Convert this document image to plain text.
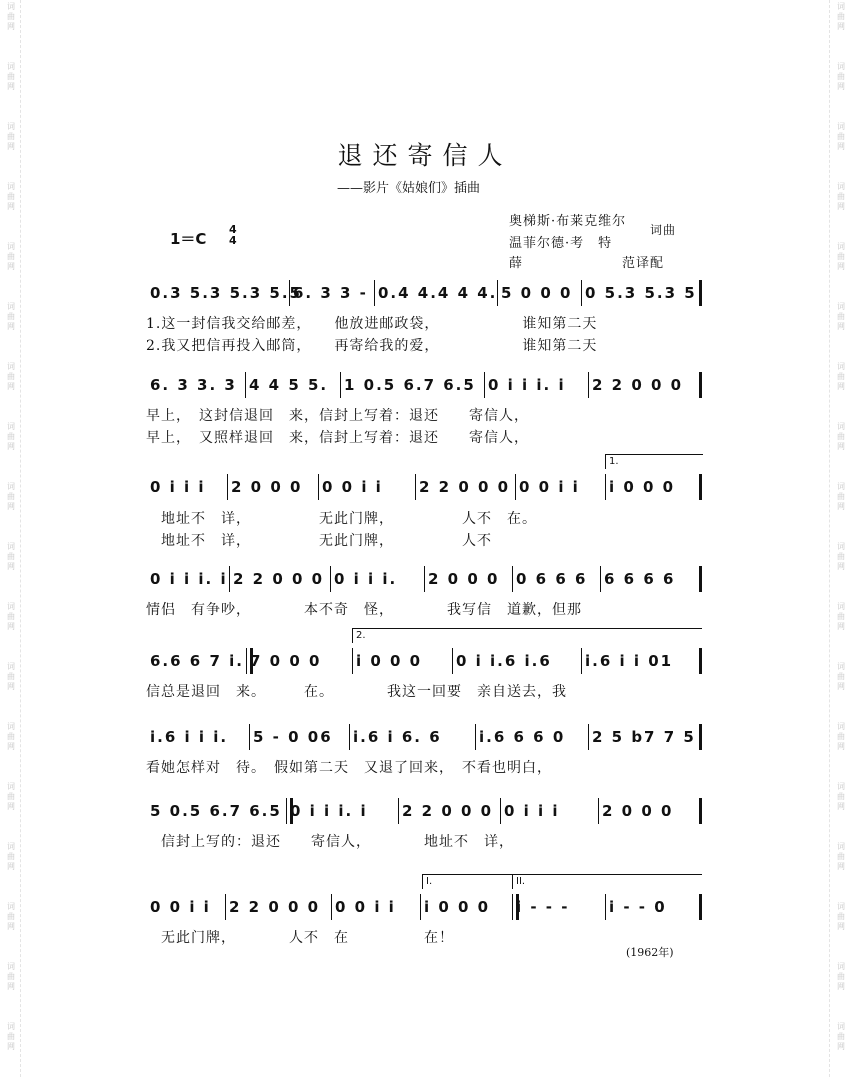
词
曲
网
词
曲
网
词
曲
网
词
曲
网
词
曲
网
词
曲
网
词
曲
网
词
曲
网
词
曲
网
词
曲
网
词
曲
网
词
曲
网
词
曲
网
词
曲
网
词
曲
网
词
曲
网
词
曲
网
词
曲
网
词
曲
网
词
曲
网
词
曲
网
词
曲
网
词
曲
网
词
曲
网
词
曲
网
词
曲
网
词
曲
网
词
曲
网
词
曲
网
词
曲
网
词
曲
网
词
曲
网
词
曲
网
词
曲
网
词
曲
网
词
曲
网
退还寄信人
——影片《姑娘们》插曲
1＝C
4
4
奥梯斯·布莱克维尔
温菲尔德·考　特
词曲
薛	范译配
0.3 5.3 5.3 5.5
6. 3 3 - 0.4 4.4 4 4. 5 0 0 0 0 5.3 5.3 5
1.这一封信我交给邮差，　　他放进邮政袋，　　　　　　谁知第二天
2.我又把信再投入邮筒，　　再寄给我的爱，　　　　　　谁知第二天
6. 3 3. 3 4 4 5 5.	1 0.5 6.7 6.5 0 i i i. i	2 2 0 0 0
早上，　这封信退回　来，信封上写着：退还　　寄信人，
早上，　又照样退回　来，信封上写着：退还　　寄信人，
0 i i i	2 0 0 0	0 0 i i	2 2 0 0 0 0 0 i i	i 0 0 0
1.
　地址不　详，　　　　　无此门牌，　　　　　人不　在。
　地址不　详，　　　　　无此门牌，　　　　　人不
0 i i i. i 2 2 0 0 0 0 i i i.	2 0 0 0	0 6 6 6	6 6 6 6
情侣　有争吵，　　　　本不奇　怪，　　　　我写信　道歉，但那
6.6 6 7 i. 7 0 0 0	i 0 0 0	0 i i.6 i.6	i.6 i i 01
2.
信总是退回　来。　　　在。　　　　我这一回要　亲自送去，我
i.6 i i i.	5 - 0 06	i.6 i 6. 6	i.6 6 6 0	2 5 b7 7 5
看她怎样对　待。　假如第二天　又退了回来，　不看也明白，
5 0.5 6.7 6.5 0 i i i. i	2 2 0 0 0 0 i i i	2 0 0 0
　信封上写的：退还　　寄信人，　　　　地址不　详，
0 0 i i	2 2 0 0 0 0 0 i i	i 0 0 0	i - - -	i - - 0
I.	II.
　无此门牌，　　　　人不　在　　　　　在！
(1962年)
